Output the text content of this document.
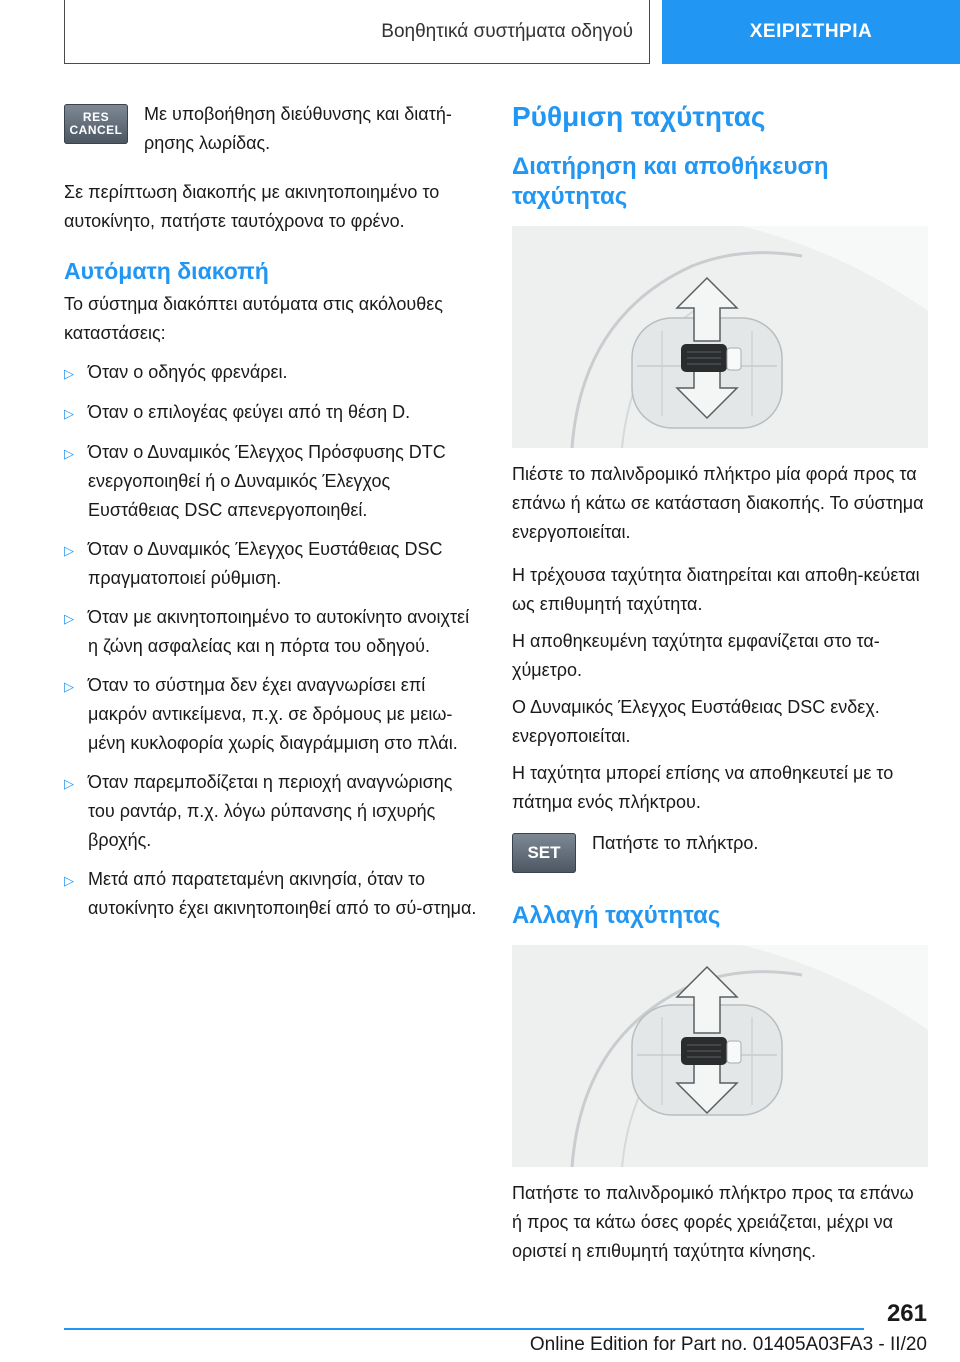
Βοηθητικά συστήματα οδηγού	ΧΕΙΡΙΣΤΗΡΙΑ
RES
CANCEL

Με υποβοήθηση διεύθυνσης και διατή-ρησης λωρίδας.

Σε περίπτωση διακοπής με ακινητοποιημένο το αυτοκίνητο, πατήστε ταυτόχρονα το φρένο.

Αυτόματη διακοπή

Το σύστημα διακόπτει αυτόματα στις ακόλουθες καταστάσεις:

▷ Όταν ο οδηγός φρενάρει.
▷ Όταν ο επιλογέας φεύγει από τη θέση D.
▷ Όταν ο Δυναμικός Έλεγχος Πρόσφυσης DTC ενεργοποιηθεί ή ο Δυναμικός Έλεγχος Ευστάθειας DSC απενεργοποιηθεί.
▷ Όταν ο Δυναμικός Έλεγχος Ευστάθειας DSC πραγματοποιεί ρύθμιση.
▷ Όταν με ακινητοποιημένο το αυτοκίνητο ανοιχτεί η ζώνη ασφαλείας και η πόρτα του οδηγού.
▷ Όταν το σύστημα δεν έχει αναγνωρίσει επί μακρόν αντικείμενα, π.χ. σε δρόμους με μειω-μένη κυκλοφορία χωρίς διαγράμμιση στο πλάι.
▷ Όταν παρεμποδίζεται η περιοχή αναγνώρισης του ραντάρ, π.χ. λόγω ρύπανσης ή ισχυρής βροχής.
▷ Μετά από παρατεταμένη ακινησία, όταν το αυτοκίνητο έχει ακινητοποιηθεί από το σύ-στημα.
Ρύθμιση ταχύτητας
Διατήρηση και αποθήκευση ταχύτητας

Πιέστε το παλινδρομικό πλήκτρο μία φορά προς τα επάνω ή κάτω σε κατάσταση διακοπής. Το σύστημα ενεργοποιείται.

Η τρέχουσα ταχύτητα διατηρείται και αποθη-κεύεται ως επιθυμητή ταχύτητα.

Η αποθηκευμένη ταχύτητα εμφανίζεται στο τα-χύμετρο.

Ο Δυναμικός Έλεγχος Ευστάθειας DSC ενδεχ. ενεργοποιείται.

Η ταχύτητα μπορεί επίσης να αποθηκευτεί με το πάτημα ενός πλήκτρου.

SET	Πατήστε το πλήκτρο.

Αλλαγή ταχύτητας

Πατήστε το παλινδρομικό πλήκτρο προς τα επάνω ή προς τα κάτω όσες φορές χρειάζεται, μέχρι να οριστεί η επιθυμητή ταχύτητα κίνησης.

261
Online Edition for Part no. 01405A03FA3 - II/20
